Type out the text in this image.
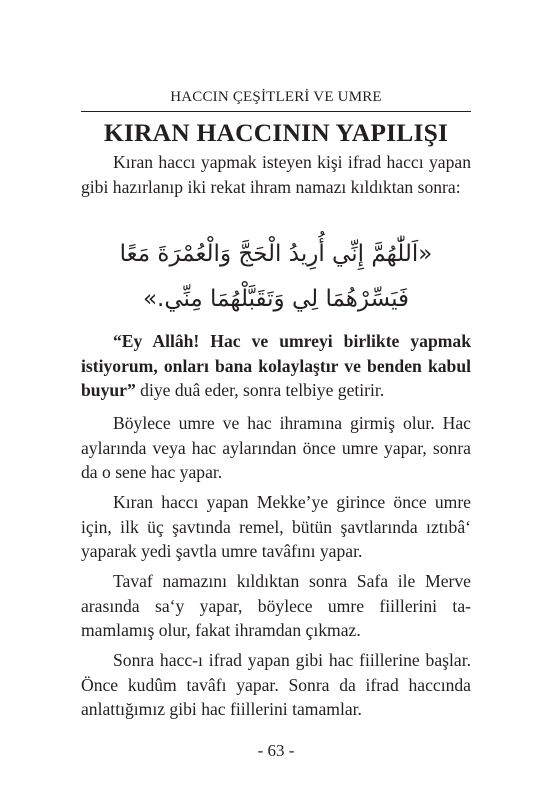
HACCIN ÇEŞİTLERİ VE UMRE
KIRAN HACCININ YAPILIŞI

Kıran haccı yapmak isteyen kişi ifrad haccı yapan gibi hazırlanıp iki rekat ihram namazı kıldıktan sonra:

«اَللّٰهُمَّ إِنِّي أُرِيدُ الْحَجَّ وَالْعُمْرَةَ مَعًا
فَيَسِّرْهُمَا لِي وَتَقَبَّلْهُمَا مِنِّي.»

“Ey Allâh! Hac ve umreyi birlikte yapmak istiyorum, onları bana kolaylaştır ve benden kabul buyur” diye duâ eder, sonra telbiye getirir.

Böylece umre ve hac ihramına girmiş olur. Hac aylarında veya hac aylarından önce umre yapar, sonra da o sene hac yapar.

Kıran haccı yapan Mekke’ye girince önce umre için, ilk üç şavtında remel, bütün şavtlarında ıztıbâ‘ yaparak yedi şavtla umre tavâfını yapar.

Tavaf namazını kıldıktan sonra Safa ile Merve arasında sa‘y yapar, böylece umre fiillerini tamamlamış olur, fakat ihramdan çıkmaz.

Sonra hacc-ı ifrad yapan gibi hac fiillerine başlar. Önce kudûm tavâfı yapar. Sonra da ifrad haccında anlattığımız gibi hac fiillerini tamamlar.

- 63 -
